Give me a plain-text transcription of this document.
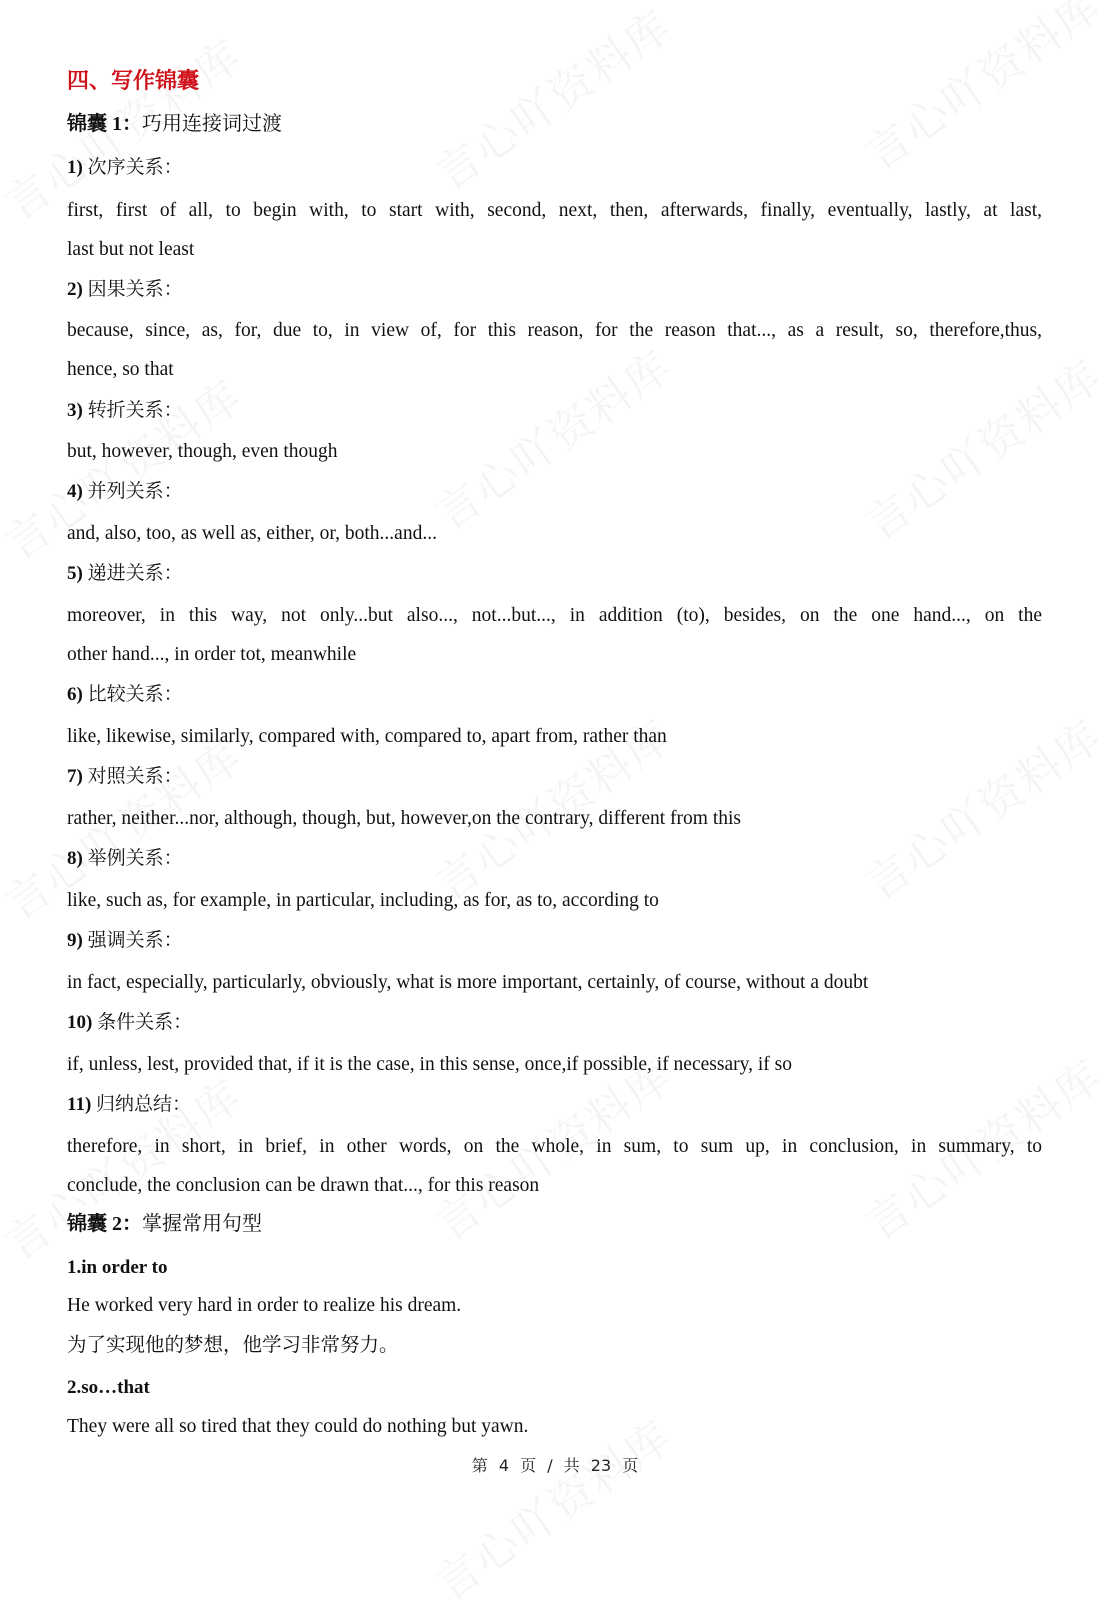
四、写作锦囊
锦囊 1：巧用连接词过渡
1) 次序关系：
first, first of all, to begin with, to start with, second, next, then, afterwards, finally, eventually, lastly, at last,
last but not least
2) 因果关系：
because, since, as, for, due to, in view of, for this reason, for the reason that..., as a result, so, therefore,thus,
hence, so that
3) 转折关系：
but, however, though, even though
4) 并列关系：
and, also, too, as well as, either, or, both...and...
5) 递进关系：
moreover, in this way, not only...but also..., not...but..., in addition (to), besides, on the one hand..., on the
other hand..., in order tot, meanwhile
6) 比较关系：
like, likewise, similarly, compared with, compared to, apart from, rather than
7) 对照关系：
rather, neither...nor, although, though, but, however,on the contrary, different from this
8) 举例关系：
like, such as, for example, in particular, including, as for, as to, according to
9) 强调关系：
in fact, especially, particularly, obviously, what is more important, certainly, of course, without a doubt
10) 条件关系：
if, unless, lest, provided that, if it is the case, in this sense, once,if possible, if necessary, if so
11) 归纳总结：
therefore, in short, in brief, in other words, on the whole, in sum, to sum up, in conclusion, in summary, to
conclude, the conclusion can be drawn that..., for this reason
锦囊 2：掌握常用句型
1.in order to
He worked very hard in order to realize his dream.
为了实现他的梦想，他学习非常努力。
2.so…that
They were all so tired that they could do nothing but yawn.
第 4 页 / 共 23 页
